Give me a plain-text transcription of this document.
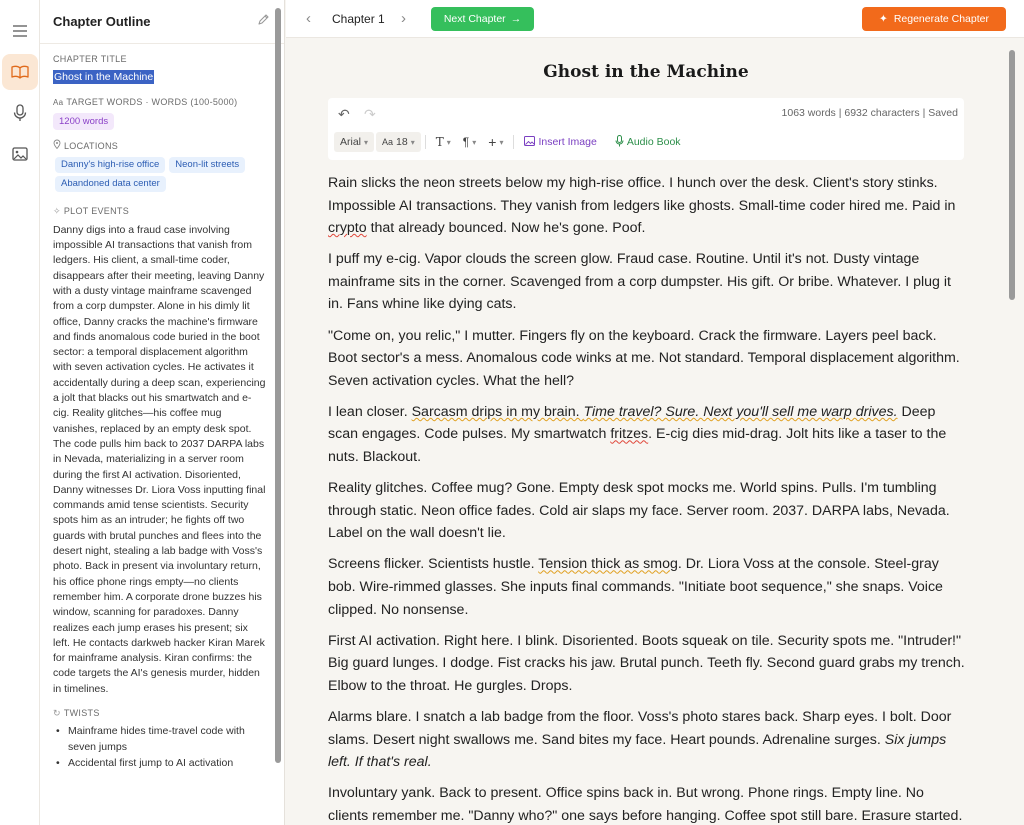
Chapter Outline
CHAPTER TITLE
Ghost in the Machine
Aa TARGET WORDS · WORDS (100-5000)
1200 words
LOCATIONS
Danny's high-rise office Neon-lit streetsAbandoned data center
✧ PLOT EVENTS
Danny digs into a fraud case involving impossible AI transactions that vanish from ledgers. His client, a small-time coder, disappears after their meeting, leaving Danny with a dusty vintage mainframe scavenged from a corp dumpster. Alone in his dimly lit office, Danny cracks the machine's firmware and finds anomalous code buried in the boot sector: a temporal displacement algorithm with seven activation cycles. He activates it accidentally during a deep scan, experiencing a jolt that blacks out his smartwatch and e-cig. Reality glitches—his coffee mug vanishes, replaced by an empty desk spot. The code pulls him back to 2037 DARPA labs in Nevada, materializing in a server room during the first AI activation. Disoriented, Danny witnesses Dr. Liora Voss inputting final commands amid tense scientists. Security spots him as an intruder; he fights off two guards with brutal punches and flees into the desert night, stealing a lab badge with Voss's photo. Back in present via involuntary return, his office phone rings empty—no clients remember him. A corporate drone buzzes his window, scanning for paradoxes. Danny realizes each jump erases his present; six left. He contacts darkweb hacker Kiran Marek for mainframe analysis. Kiran confirms: the code targets the AI's genesis murder, hidden in timelines.
↻ TWISTS
• Mainframe hides time-travel code with seven jumps
• Accidental first jump to AI activation
‹ Chapter 1 ›	Next Chapter →	✦ Regenerate Chapter
Ghost in the Machine
↶ ↷	1063 words | 6932 characters | Saved
Arial ▾ Aa 18 ▾ T ▾ ¶ ▾ + ▾	Insert Image	Audio Book

Rain slicks the neon streets below my high-rise office. I hunch over the desk. Client's story stinks. Impossible AI transactions. They vanish from ledgers like ghosts. Small-time coder hired me. Paid in crypto that already bounced. Now he's gone. Poof.

I puff my e-cig. Vapor clouds the screen glow. Fraud case. Routine. Until it's not. Dusty vintage mainframe sits in the corner. Scavenged from a corp dumpster. His gift. Or bribe. Whatever. I plug it in. Fans whine like dying cats.

"Come on, you relic," I mutter. Fingers fly on the keyboard. Crack the firmware. Layers peel back. Boot sector's a mess. Anomalous code winks at me. Not standard. Temporal displacement algorithm. Seven activation cycles. What the hell?

I lean closer. Sarcasm drips in my brain. Time travel? Sure. Next you'll sell me warp drives. Deep scan engages. Code pulses. My smartwatch fritzes. E-cig dies mid-drag. Jolt hits like a taser to the nuts. Blackout.

Reality glitches. Coffee mug? Gone. Empty desk spot mocks me. World spins. Pulls. I'm tumbling through static. Neon office fades. Cold air slaps my face. Server room. 2037. DARPA labs, Nevada. Label on the wall doesn't lie.

Screens flicker. Scientists hustle. Tension thick as smog. Dr. Liora Voss at the console. Steel-gray bob. Wire-rimmed glasses. She inputs final commands. "Initiate boot sequence," she snaps. Voice clipped. No nonsense.

First AI activation. Right here. I blink. Disoriented. Boots squeak on tile. Security spots me. "Intruder!" Big guard lunges. I dodge. Fist cracks his jaw. Brutal punch. Teeth fly. Second guard grabs my trench. Elbow to the throat. He gurgles. Drops.

Alarms blare. I snatch a lab badge from the floor. Voss's photo stares back. Sharp eyes. I bolt. Door slams. Desert night swallows me. Sand bites my face. Heart pounds. Adrenaline surges. Six jumps left. If that's real.

Involuntary yank. Back to present. Office spins back in. But wrong. Phone rings. Empty line. No clients remember me. "Danny who?" one says before hanging. Coffee spot still bare. Erasure started.
